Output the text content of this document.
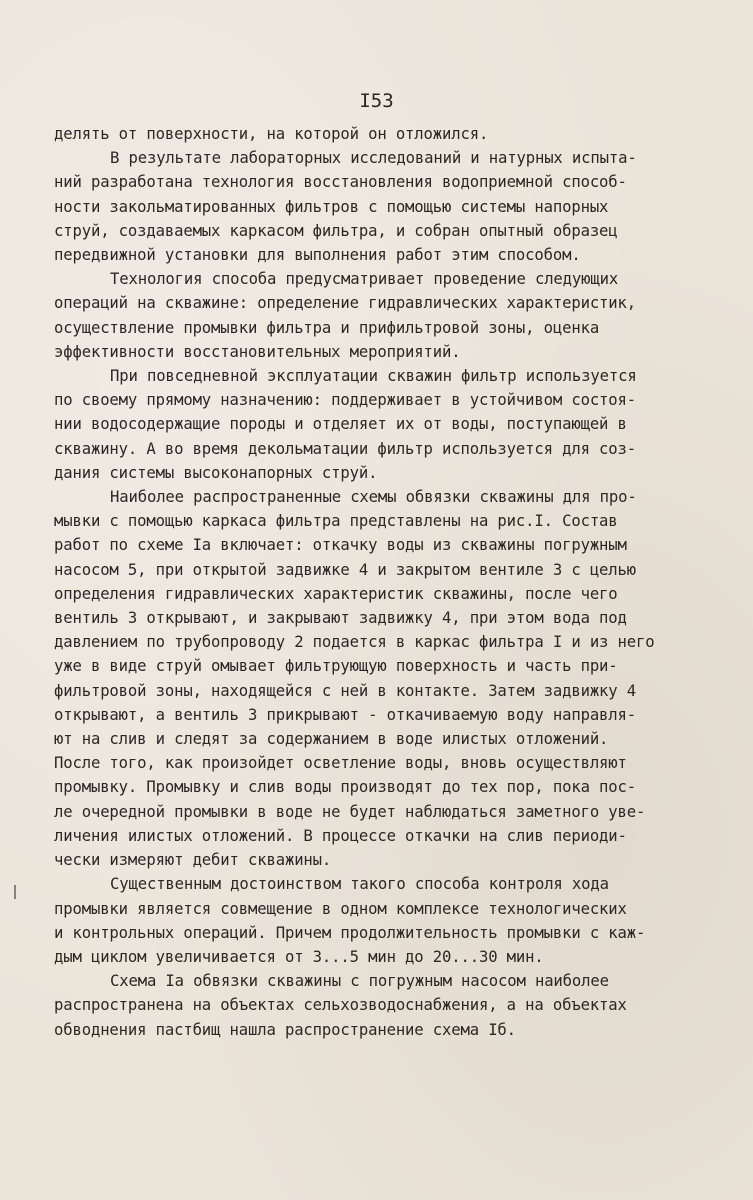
I53
делять от поверхности, на которой он отложился.
В результате лабораторных исследований и натурных испыта-
ний разработана технология восстановления водоприемной способ-
ности закольматированных фильтров с помощью системы напорных
струй, создаваемых каркасом фильтра, и собран опытный образец
передвижной установки для выполнения работ этим способом.
Технология способа предусматривает проведение следующих
операций на скважине: определение гидравлических характеристик,
осуществление промывки фильтра и прифильтровой зоны, оценка
эффективности восстановительных мероприятий.
При повседневной эксплуатации скважин фильтр используется
по своему прямому назначению: поддерживает в устойчивом состоя-
нии водосодержащие породы и отделяет их от воды, поступающей в
скважину. А во время декольматации фильтр используется для соз-
дания системы высоконапорных струй.
Наиболее распространенные схемы обвязки скважины для про-
мывки с помощью каркаса фильтра представлены на рис.I. Состав
работ по схеме Iа включает: откачку воды из скважины погружным
насосом 5, при открытой задвижке 4 и закрытом вентиле 3 с целью
определения гидравлических характеристик скважины, после чего
вентиль 3 открывают, и закрывают задвижку 4, при этом вода под
давлением по трубопроводу 2 подается в каркас фильтра I и из него
уже в виде струй омывает фильтрующую поверхность и часть при-
фильтровой зоны, находящейся с ней в контакте. Затем задвижку 4
открывают, а вентиль 3 прикрывают - откачиваемую воду направля-
ют на слив и следят за содержанием в воде илистых отложений.
После того, как произойдет осветление воды, вновь осуществляют
промывку. Промывку и слив воды производят до тех пор, пока пос-
ле очередной промывки в воде не будет наблюдаться заметного уве-
личения илистых отложений. В процессе откачки на слив периоди-
чески измеряют дебит скважины.
Существенным достоинством такого способа контроля хода
промывки является совмещение в одном комплексе технологических
и контрольных операций. Причем продолжительность промывки с каж-
дым циклом увеличивается от 3...5 мин до 20...30 мин.
Схема Iа обвязки скважины с погружным насосом наиболее
распространена на объектах сельхозводоснабжения, а на объектах
обводнения пастбищ нашла распространение схема Iб.
